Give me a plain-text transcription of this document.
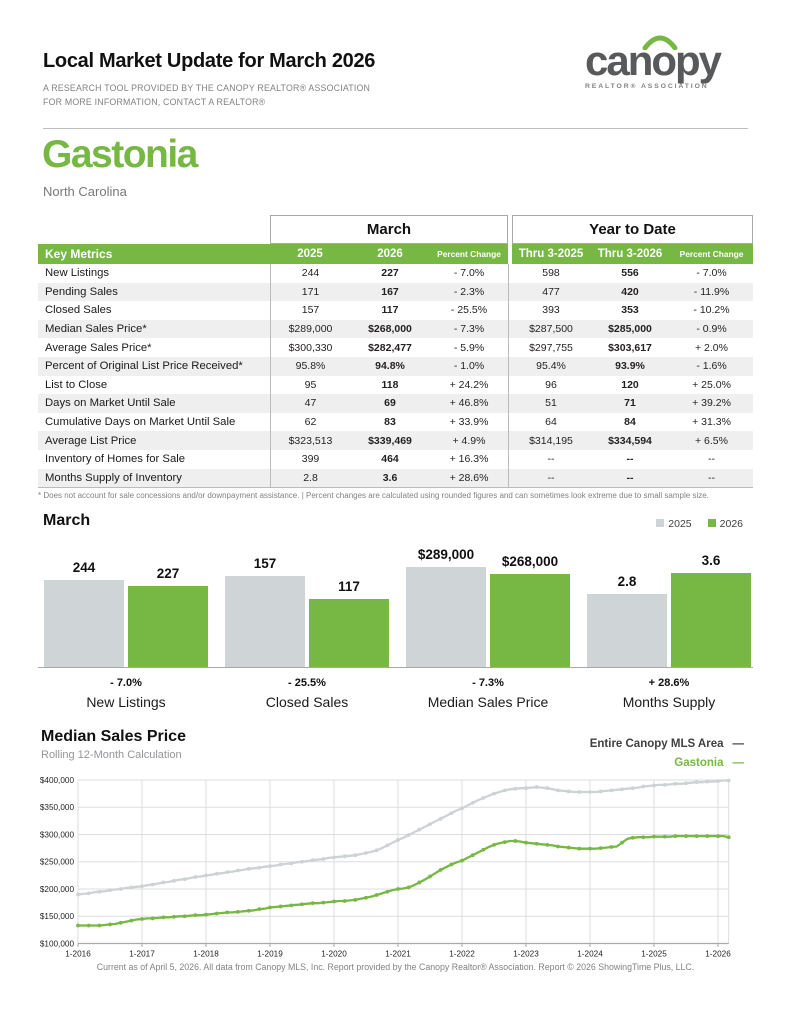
Local Market Update for March 2026
A RESEARCH TOOL PROVIDED BY THE CANOPY REALTOR® ASSOCIATION
FOR MORE INFORMATION, CONTACT A REALTOR®
canopy
REALTOR® ASSOCIATION
Gastonia
North Carolina
March	Year to Date
Key Metrics	2025	2026	Percent Change	Thru 3-2025	Thru 3-2026	Percent Change
New Listings	244	227	- 7.0%	598	556	- 7.0%
Pending Sales	171	167	- 2.3%	477	420	- 11.9%
Closed Sales	157	117	- 25.5%	393	353	- 10.2%
Median Sales Price*	$289,000	$268,000	- 7.3%	$287,500	$285,000	- 0.9%
Average Sales Price*	$300,330	$282,477	- 5.9%	$297,755	$303,617	+ 2.0%
Percent of Original List Price Received*	95.8%	94.8%	- 1.0%	95.4%	93.9%	- 1.6%
List to Close	95	118	+ 24.2%	96	120	+ 25.0%
Days on Market Until Sale	47	69	+ 46.8%	51	71	+ 39.2%
Cumulative Days on Market Until Sale	62	83	+ 33.9%	64	84	+ 31.3%
Average List Price	$323,513	$339,469	+ 4.9%	$314,195	$334,594	+ 6.5%
Inventory of Homes for Sale	399	464	+ 16.3%	--	--	--
Months Supply of Inventory	2.8	3.6	+ 28.6%	--	--	--

* Does not account for sale concessions and/or downpayment assistance. | Percent changes are calculated using rounded figures and can sometimes look extreme due to small sample size.

March	2025	2026
244	227
157
117
$289,000 $268,000
2.8
3.6
- 7.0%
New Listings
- 25.5%
Closed Sales
- 7.3%
Median Sales Price
+ 28.6%
Months Supply
Median Sales Price
Rolling 12-Month Calculation
Entire Canopy MLS Area —
Gastonia —
$100,000
$150,000
$200,000
$250,000
$300,000
$350,000
$400,000
1-2016	1-2017	1-2018	1-2019	1-2020	1-2021	1-2022	1-2023	1-2024	1-2025	1-2026

Current as of April 5, 2026. All data from Canopy MLS, Inc. Report provided by the Canopy Realtor® Association. Report © 2026 ShowingTime Plus, LLC.
